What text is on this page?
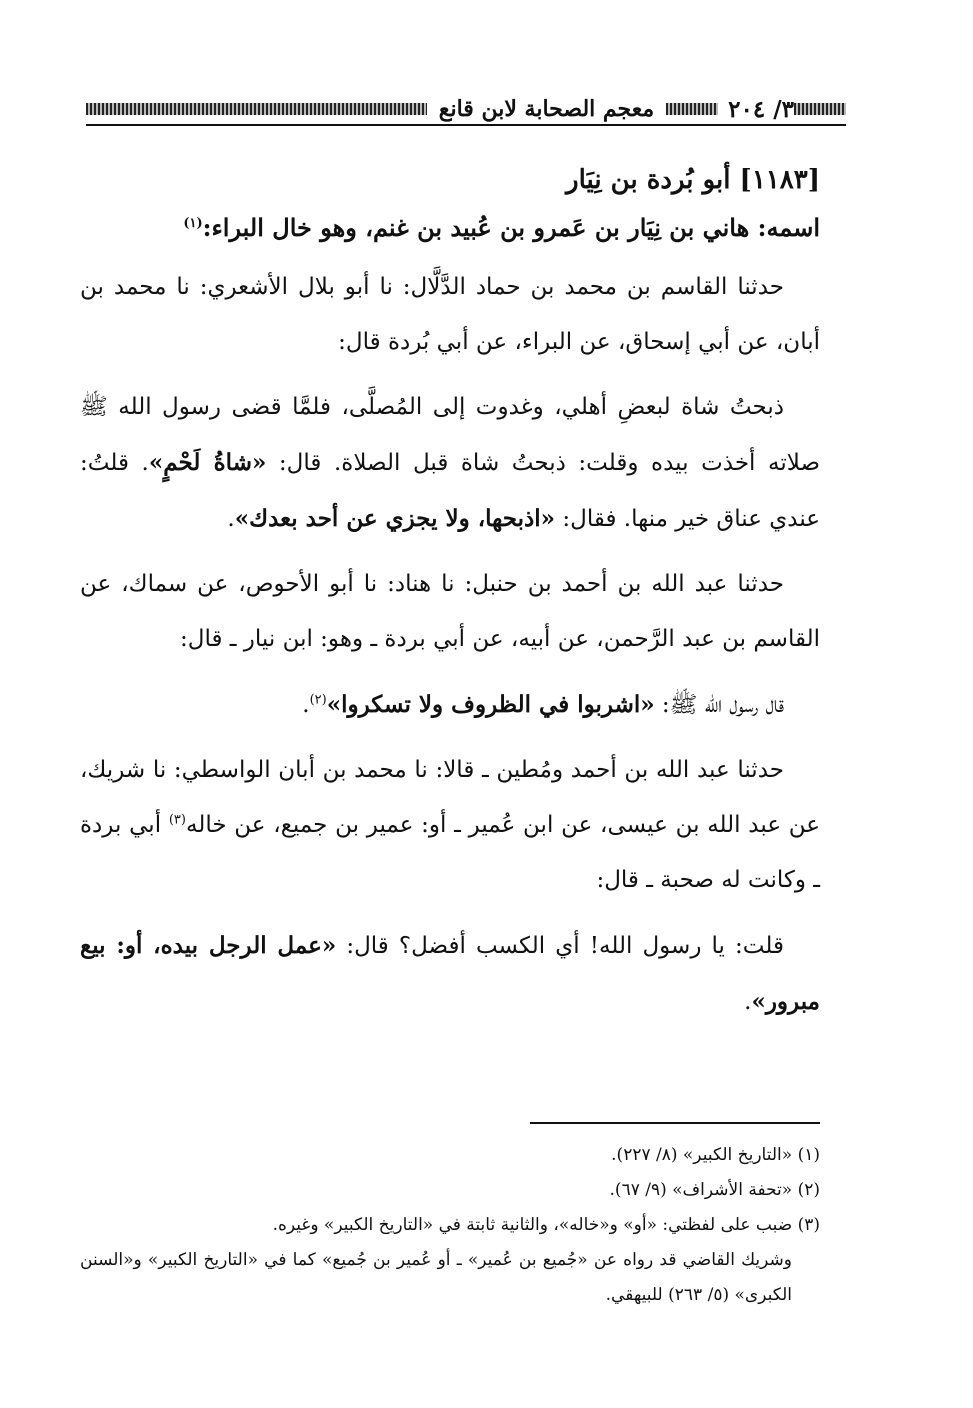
٣/ ٢٠٤
معجم الصحابة لابن قانع
[١١٨٣] أبو بُردة بن نِيَار
اسمه: هاني بن نِيَار بن عَمرو بن عُبيد بن غنم، وهو خال البراء:$^{(١)}$

حدثنا القاسم بن محمد بن حماد الدَّلَّال: نا أبو بلال الأشعري: نا محمد بن أبان، عن أبي إسحاق، عن البراء، عن أبي بُردة قال:

ذبحتُ شاة لبعضِ أهلي، وغدوت إلى المُصلَّى، فلمَّا قضى رسول الله ﷺ صلاته أخذت بيده وقلت: ذبحتُ شاة قبل الصلاة. قال: «شاةُ لَحْمٍ». قلتُ: عندي عناق خير منها. فقال: «اذبحها، ولا يجزي عن أحد بعدك».

حدثنا عبد الله بن أحمد بن حنبل: نا هناد: نا أبو الأحوص، عن سماك، عن القاسم بن عبد الرَّحمن، عن أبيه، عن أبي بردة ـ وهو: ابن نيار ـ قال:

قال رسول الله ﷺ: «اشربوا في الظروف ولا تسكروا»$^{(٢)}$.

حدثنا عبد الله بن أحمد ومُطين ـ قالا: نا محمد بن أبان الواسطي: نا شريك، عن عبد الله بن عيسى، عن ابن عُمير ـ أو: عمير بن جميع، عن خاله$^{(٣)}$ أبي بردة ـ وكانت له صحبة ـ قال:

قلت: يا رسول الله! أي الكسب أفضل؟ قال: «عمل الرجل بيده، أو: بيع مبرور».

(١) «التاريخ الكبير» (٨/ ٢٢٧).
(٢) «تحفة الأشراف» (٩/ ٦٧).
(٣) ضبب على لفظتي: «أو» و«خاله»، والثانية ثابتة في «التاريخ الكبير» وغيره.
وشريك القاضي قد رواه عن «جُميع بن عُمير» ـ أو عُمير بن جُميع» كما في «التاريخ الكبير» و«السنن الكبرى» (٥/ ٢٦٣) للبيهقي.
